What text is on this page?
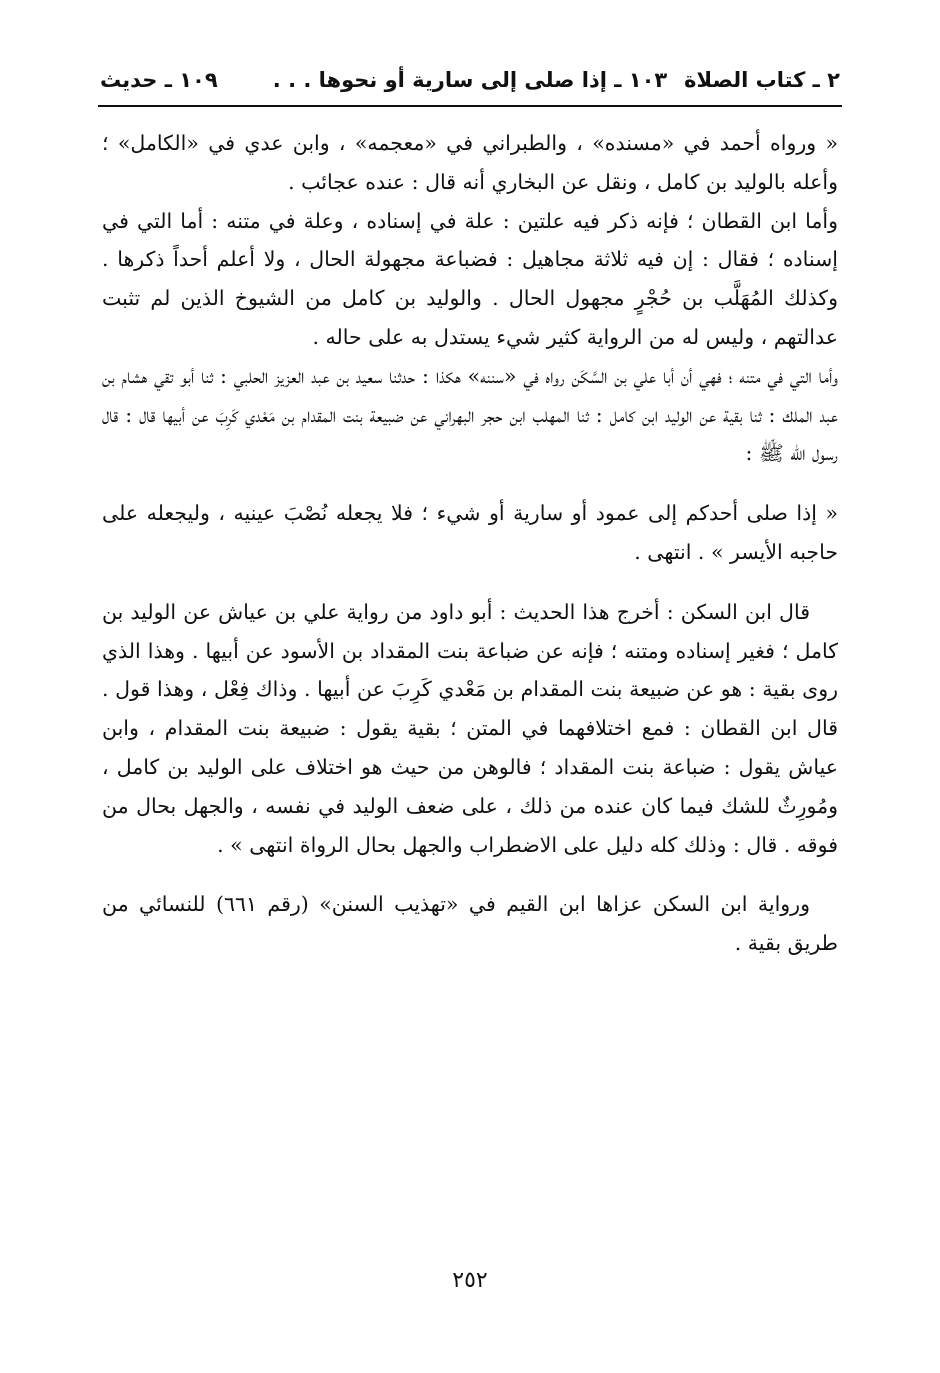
٢ ـ كتاب الصلاة
١٠٣ ـ إذا صلى إلى سارية أو نحوها . . .
١٠٩ ـ حديث

« ورواه أحمد في «مسنده» ، والطبراني في «معجمه» ، وابن عدي في «الكامل» ؛ وأعله بالوليد بن كامل ، ونقل عن البخاري أنه قال : عنده عجائب .

وأما ابن القطان ؛ فإنه ذكر فيه علتين : علة في إسناده ، وعلة في متنه : أما التي في إسناده ؛ فقال : إن فيه ثلاثة مجاهيل : فضباعة مجهولة الحال ، ولا أعلم أحداً ذكرها . وكذلك المُهَلَّب بن حُجْرٍ مجهول الحال . والوليد بن كامل من الشيوخ الذين لم تثبت عدالتهم ، وليس له من الرواية كثير شيء يستدل به على حاله .

وأما التي في متنه ؛ فهي أن أبا علي بن السَّكَن رواه في «سننه» هكذا : حدثنا سعيد بن عبد العزيز الحلبي : ثنا أبو تقي هشام بن عبد الملك : ثنا بقية عن الوليد ابن كامل : ثنا المهلب ابن حجر البهراني عن ضبيعة بنت المقدام بن مَعْدي كَرِبَ عن أبيها قال : قال رسول الله ﷺ :

« إذا صلى أحدكم إلى عمود أو سارية أو شيء ؛ فلا يجعله نُصْبَ عينيه ، وليجعله على حاجبه الأيسر » . انتهى .

قال ابن السكن : أخرج هذا الحديث : أبو داود من رواية علي بن عياش عن الوليد بن كامل ؛ فغير إسناده ومتنه ؛ فإنه عن ضباعة بنت المقداد بن الأسود عن أبيها . وهذا الذي روى بقية : هو عن ضبيعة بنت المقدام بن مَعْدي كَرِبَ عن أبيها . وذاك فِعْل ، وهذا قول . قال ابن القطان : فمع اختلافهما في المتن ؛ بقية يقول : ضبيعة بنت المقدام ، وابن عياش يقول : ضباعة بنت المقداد ؛ فالوهن من حيث هو اختلاف على الوليد بن كامل ، ومُورِثٌ للشك فيما كان عنده من ذلك ، على ضعف الوليد في نفسه ، والجهل بحال من فوقه . قال : وذلك كله دليل على الاضطراب والجهل بحال الرواة انتهى » .

ورواية ابن السكن عزاها ابن القيم في «تهذيب السنن» (رقم ٦٦١) للنسائي من طريق بقية .

٢٥٢
